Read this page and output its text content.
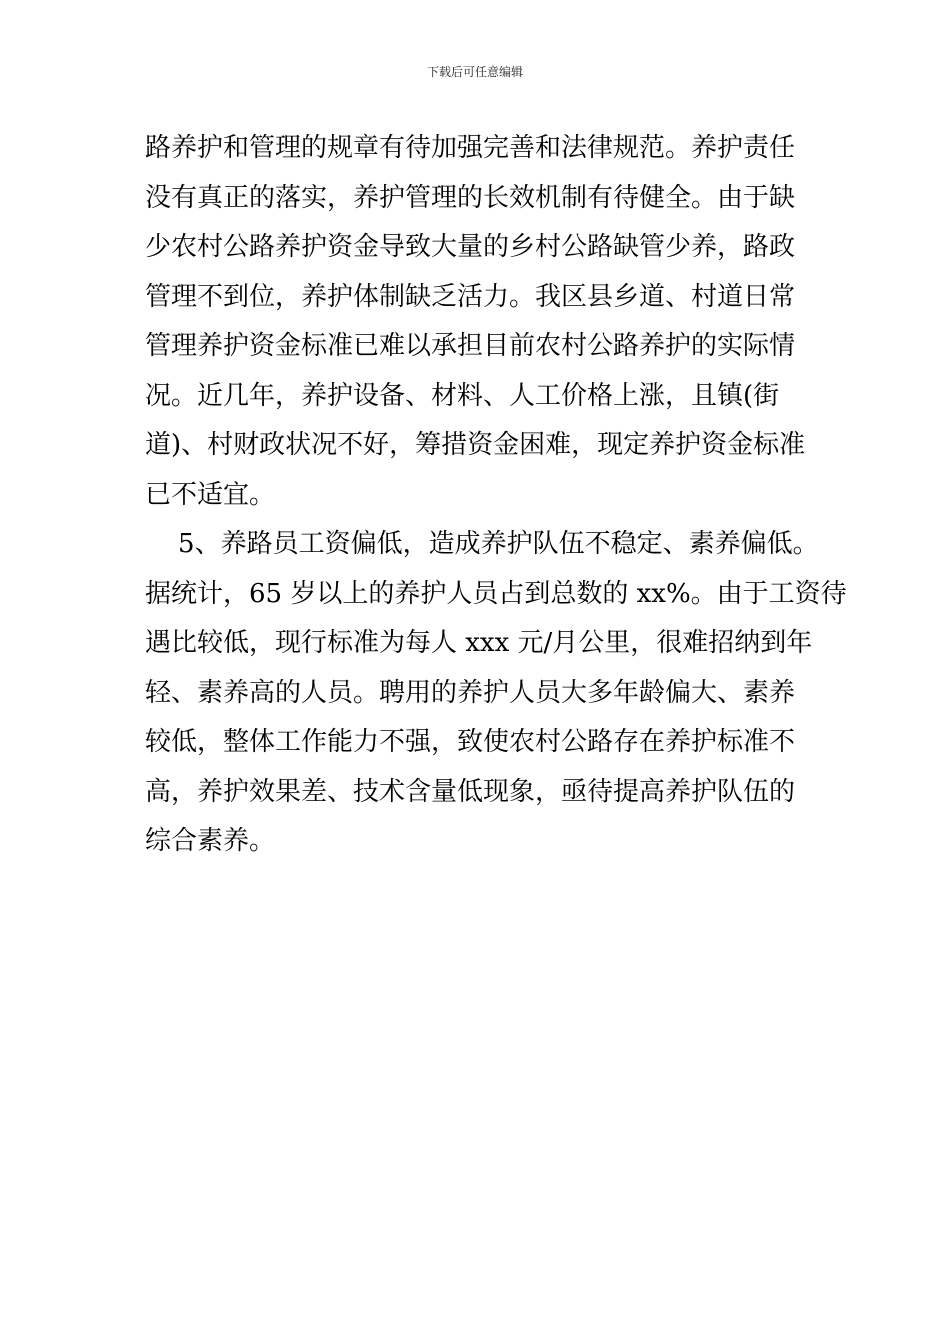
下载后可任意编辑
路养护和管理的规章有待加强完善和法律规范。养护责任
没有真正的落实，养护管理的长效机制有待健全。由于缺
少农村公路养护资金导致大量的乡村公路缺管少养，路政
管理不到位，养护体制缺乏活力。我区县乡道、村道日常
管理养护资金标准已难以承担目前农村公路养护的实际情
况。近几年，养护设备、材料、人工价格上涨，且镇(街
道)、村财政状况不好，筹措资金困难，现定养护资金标准
已不适宜。
5、养路员工资偏低，造成养护队伍不稳定、素养偏低。
据统计，65 岁以上的养护人员占到总数的 xx%。由于工资待
遇比较低，现行标准为每人 xxx 元/月公里，很难招纳到年
轻、素养高的人员。聘用的养护人员大多年龄偏大、素养
较低，整体工作能力不强，致使农村公路存在养护标准不
高，养护效果差、技术含量低现象，亟待提高养护队伍的
综合素养。
